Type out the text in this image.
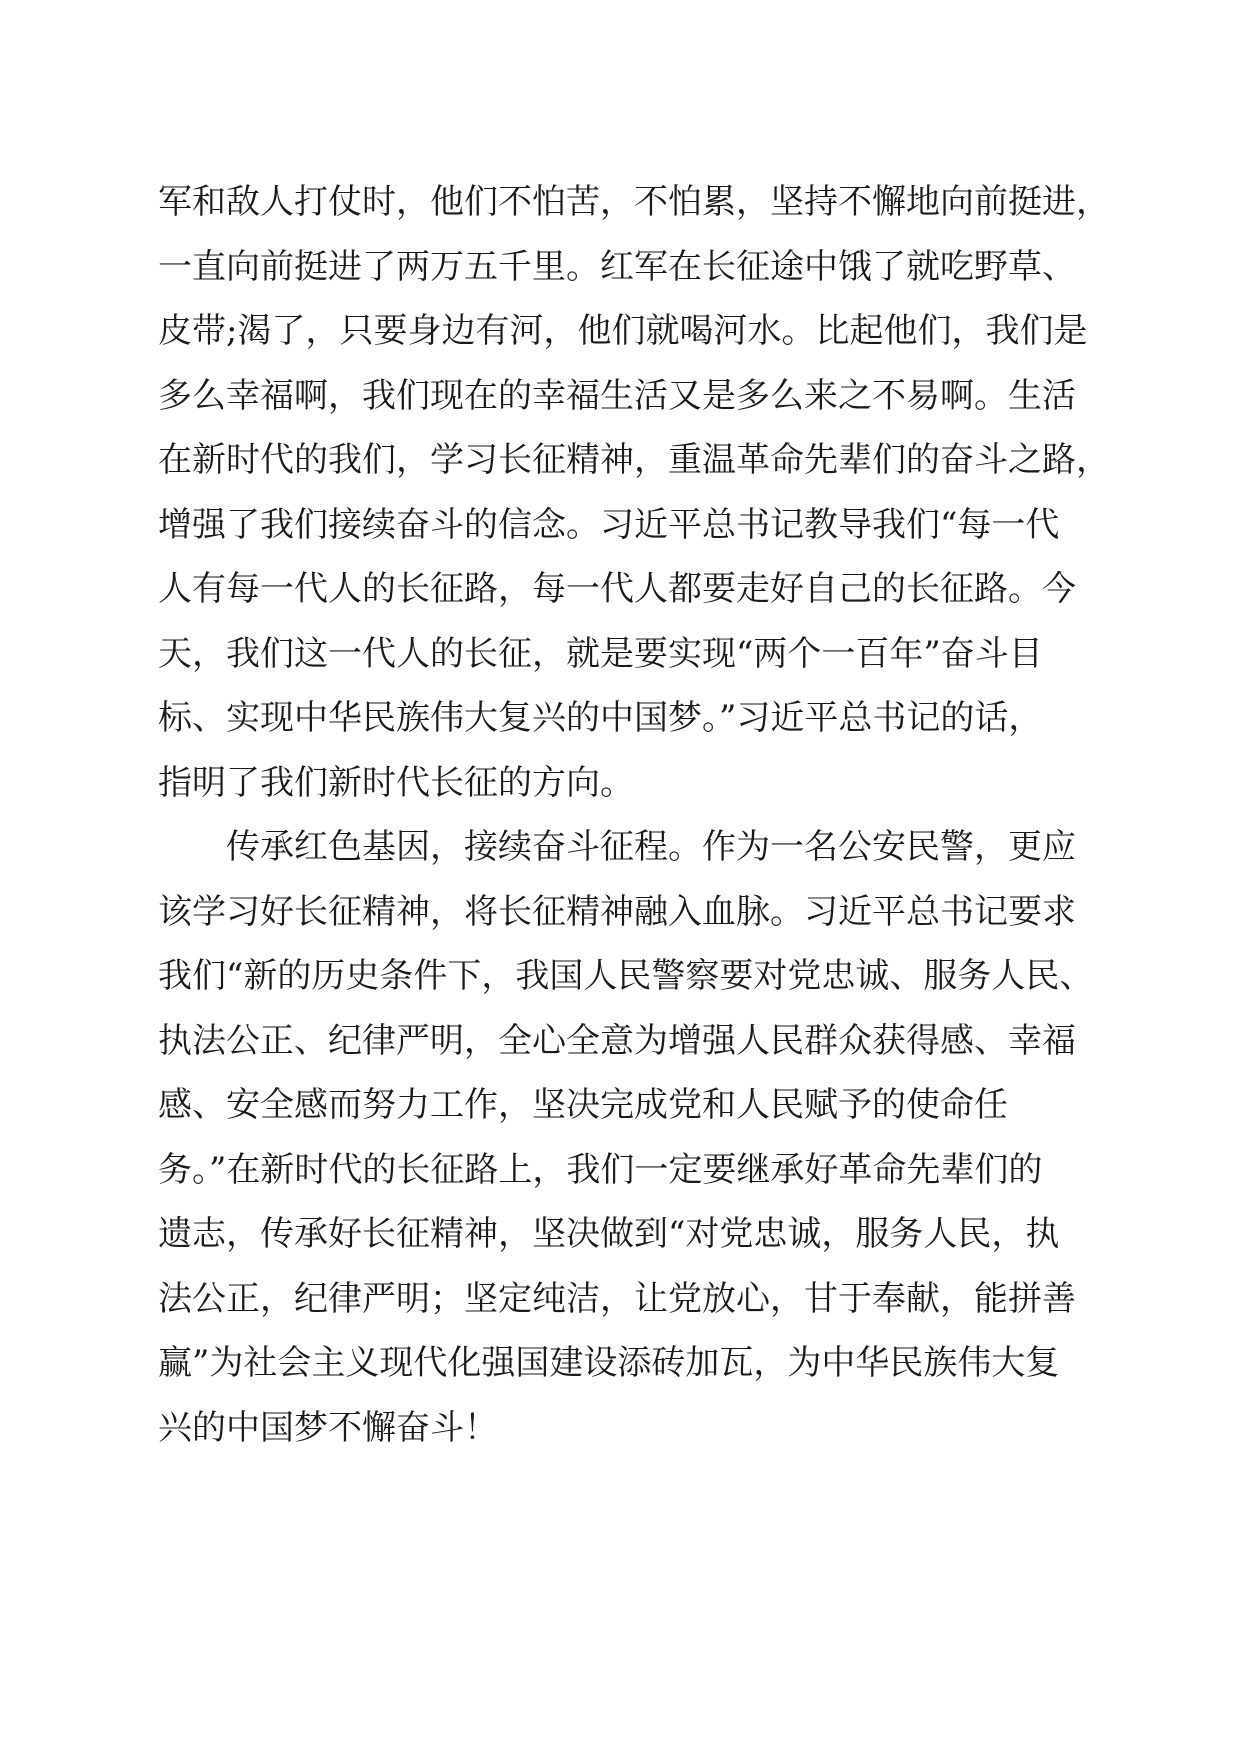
军和敌人打仗时，他们不怕苦，不怕累，坚持不懈地向前挺进，
一直向前挺进了两万五千里。红军在长征途中饿了就吃野草、
皮带;渴了，只要身边有河，他们就喝河水。比起他们，我们是
多么幸福啊，我们现在的幸福生活又是多么来之不易啊。生活
在新时代的我们，学习长征精神，重温革命先辈们的奋斗之路，
增强了我们接续奋斗的信念。习近平总书记教导我们“每一代
人有每一代人的长征路，每一代人都要走好自己的长征路。今
天，我们这一代人的长征，就是要实现“两个一百年”奋斗目
标、实现中华民族伟大复兴的中国梦。”习近平总书记的话，
指明了我们新时代长征的方向。
传承红色基因，接续奋斗征程。作为一名公安民警，更应
该学习好长征精神，将长征精神融入血脉。习近平总书记要求
我们“新的历史条件下，我国人民警察要对党忠诚、服务人民、
执法公正、纪律严明，全心全意为增强人民群众获得感、幸福
感、安全感而努力工作，坚决完成党和人民赋予的使命任
务。”在新时代的长征路上，我们一定要继承好革命先辈们的
遗志，传承好长征精神，坚决做到“对党忠诚，服务人民，执
法公正，纪律严明；坚定纯洁，让党放心，甘于奉献，能拼善
赢”为社会主义现代化强国建设添砖加瓦，为中华民族伟大复
兴的中国梦不懈奋斗！
